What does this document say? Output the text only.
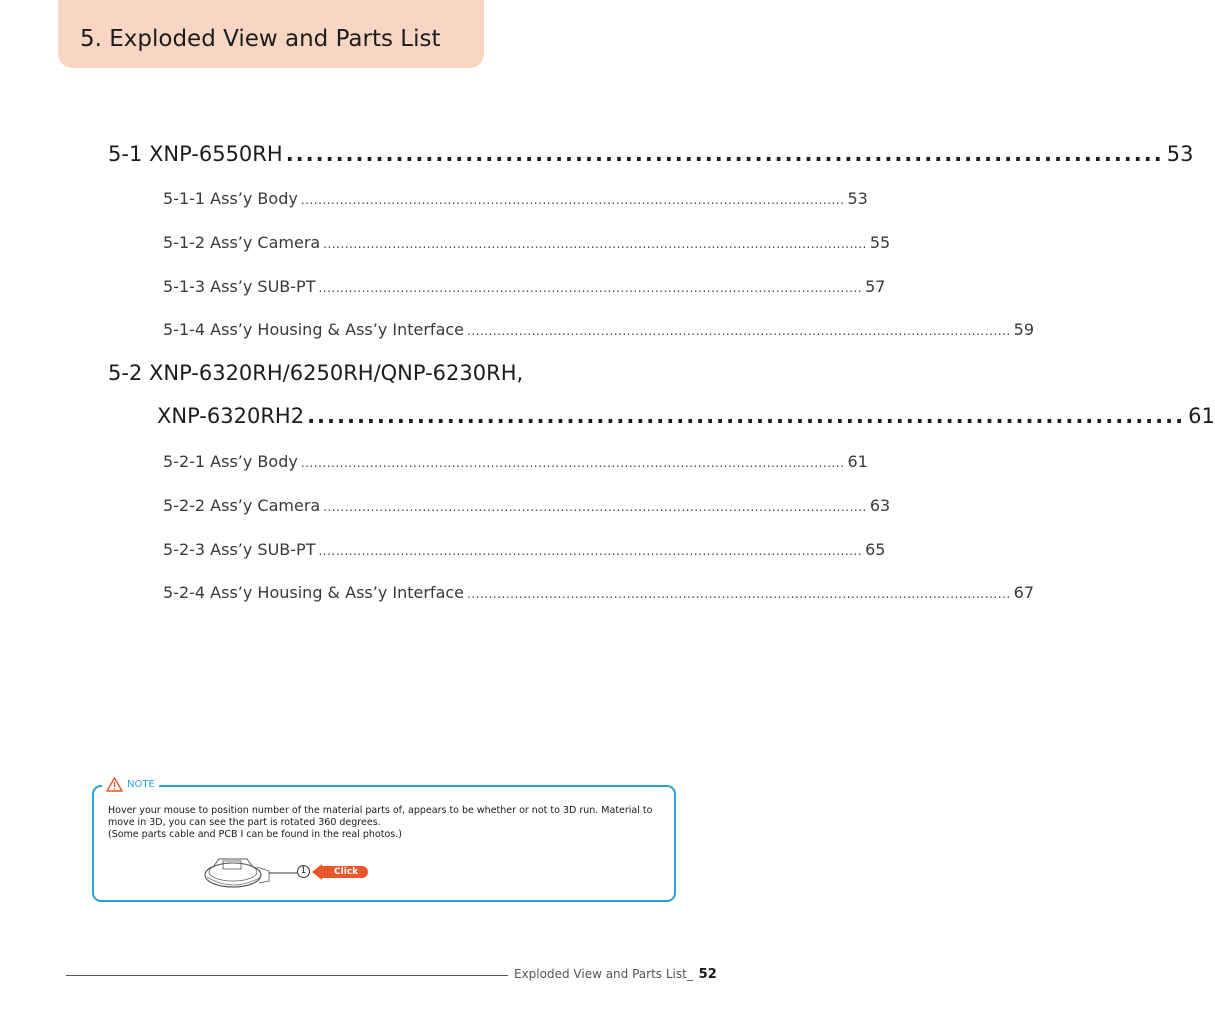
5. Exploded View and Parts List
5-1 XNP-6550RH ........................................................................................ 53
5-1-1 Ass’y Body .............................................................................................................................. 53
5-1-2 Ass’y Camera .............................................................................................................................. 55
5-1-3 Ass’y SUB-PT .............................................................................................................................. 57
5-1-4 Ass’y Housing & Ass’y Interface .............................................................................................................................. 59
5-2 XNP-6320RH/6250RH/QNP-6230RH,
XNP-6320RH2 ........................................................................................ 61
5-2-1 Ass’y Body .............................................................................................................................. 61
5-2-2 Ass’y Camera .............................................................................................................................. 63
5-2-3 Ass’y SUB-PT .............................................................................................................................. 65
5-2-4 Ass’y Housing & Ass’y Interface .............................................................................................................................. 67
NOTE

Hover your mouse to position number of the material parts of, appears to be whether or not to 3D run. Material to move in 3D, you can see the part is rotated 360 degrees.

(Some parts cable and PCB I can be found in the real photos.)

1	Click
Exploded View and Parts List_ 52
